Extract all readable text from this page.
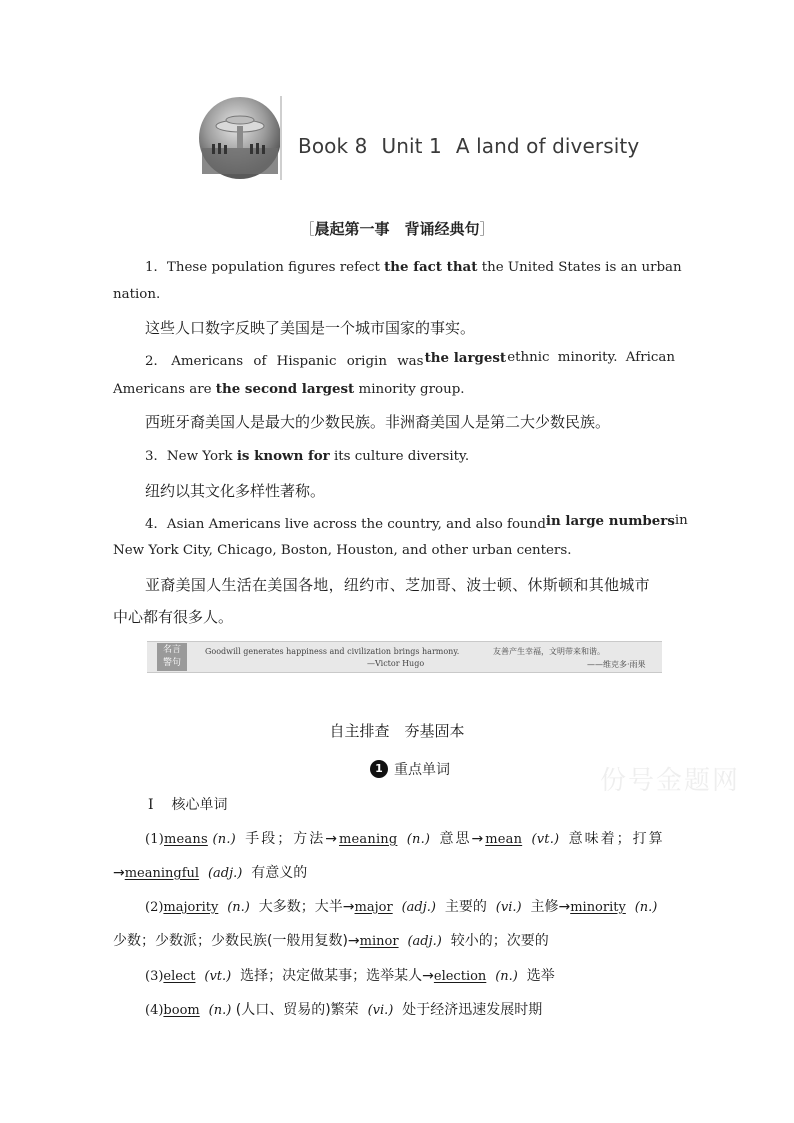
Book 8 Unit 1 A land of diversity
［晨起第一事　背诵经典句］
1．These population figures refect the fact that the United States is an urban
nation.
这些人口数字反映了美国是一个城市国家的事实。
2． Americans of Hispanic origin was the largest ethnic minority. African
Americans are the second largest minority group.
西班牙裔美国人是最大的少数民族。非洲裔美国人是第二大少数民族。
3．New York is known for its culture diversity.
纽约以其文化多样性著称。
4．Asian Americans live across the country, and also found in large numbers in
New York City, Chicago, Boston, Houston, and other urban centers.
亚裔美国人生活在美国各地，纽约市、芝加哥、波士顿、休斯顿和其他城市
中心都有很多人。
名言
警句
Goodwill generates happiness and civilization brings harmony.
—Victor Hugo
友善产生幸福，文明带来和谐。
——维克多·雨果
自主排查　夯基固本
份号金题网
1 重点单词
Ⅰ 核心单词
(1)means (n.) 手段；方法→meaning (n.) 意思→mean (vt.) 意味着；打算
→meaningful (adj.) 有意义的
(2)majority (n.) 大多数；大半→major (adj.) 主要的 (vi.) 主修→minority (n.)
少数；少数派；少数民族(一般用复数)→minor (adj.) 较小的；次要的
(3)elect (vt.) 选择；决定做某事；选举某人→election (n.) 选举
(4)boom (n.) (人口、贸易的)繁荣 (vi.) 处于经济迅速发展时期
